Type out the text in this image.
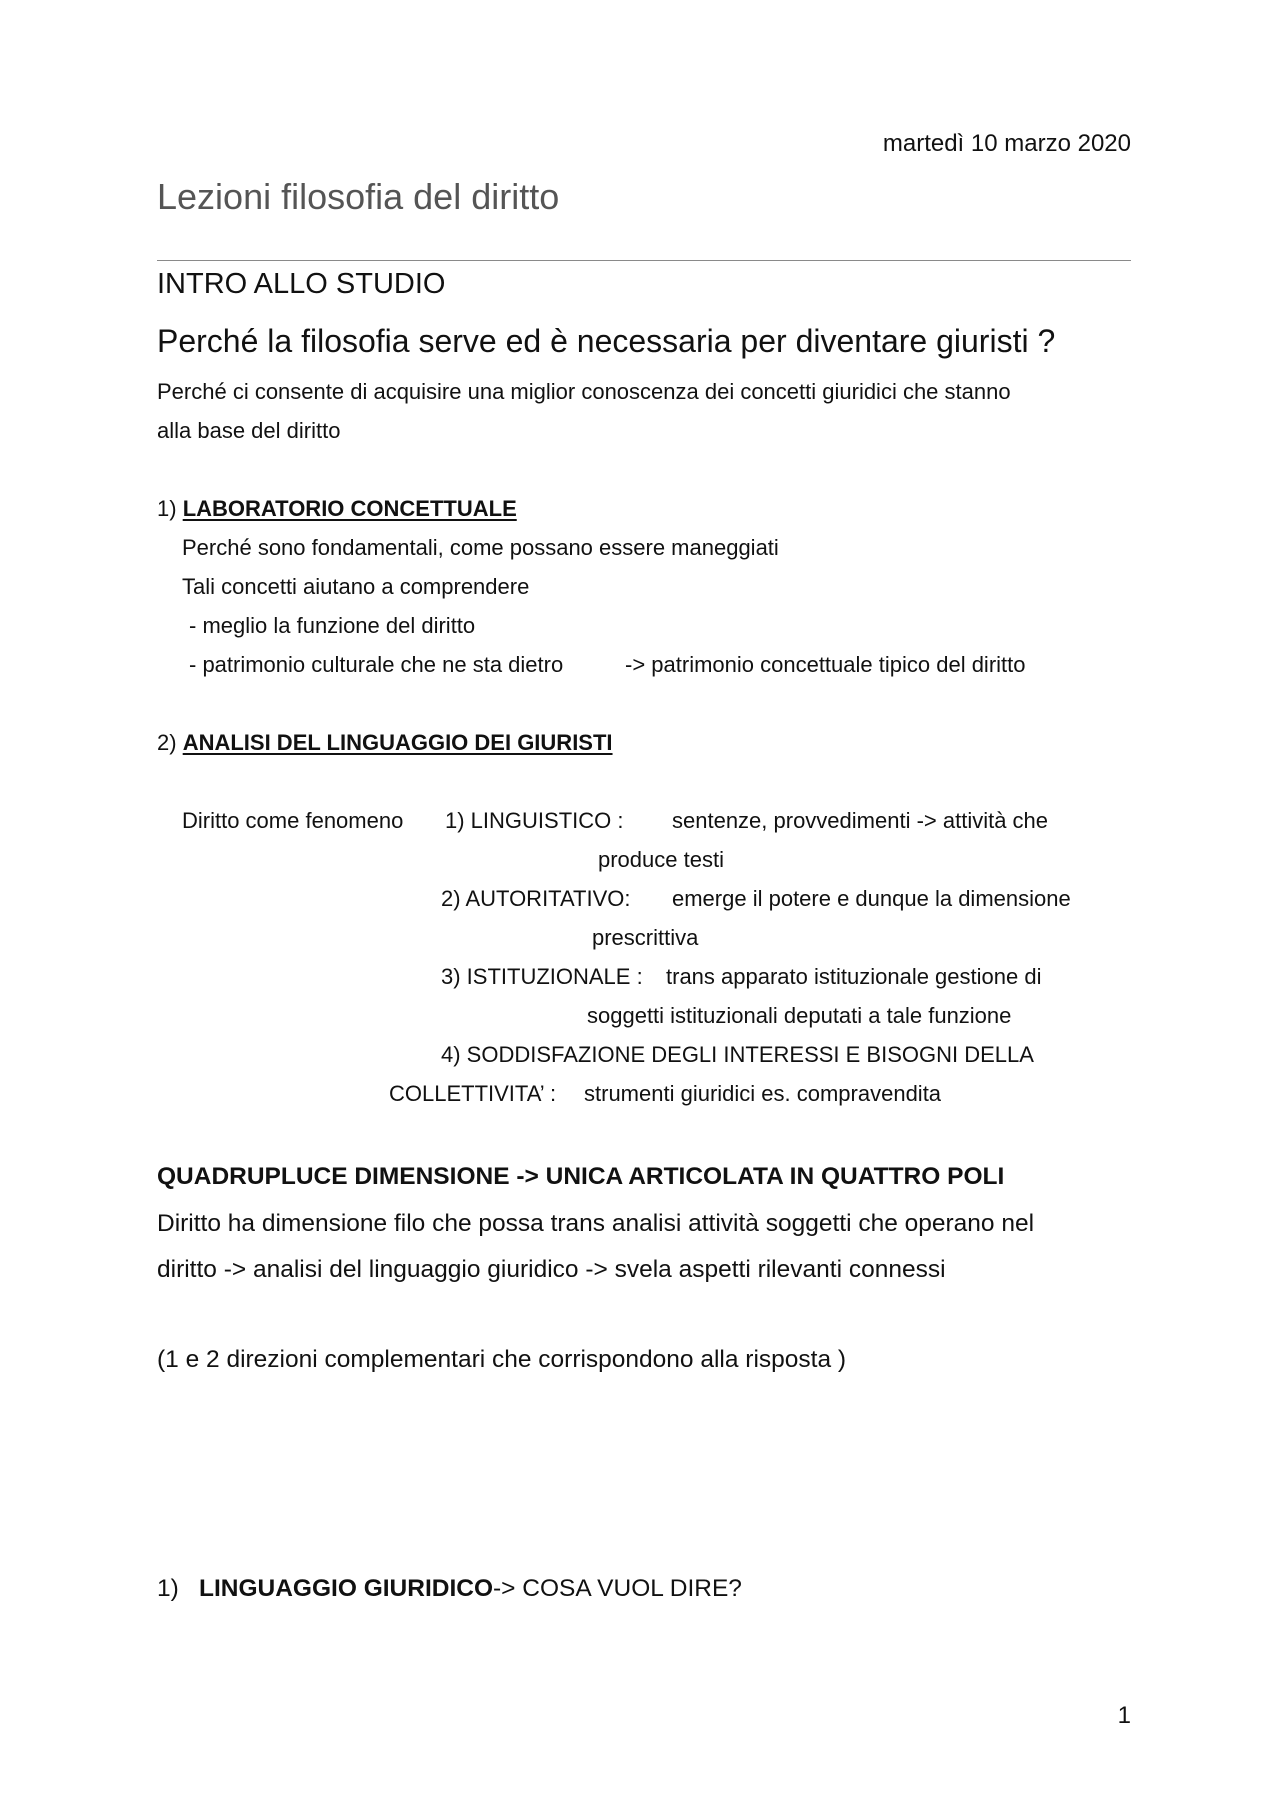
martedì 10 marzo 2020
Lezioni filosofia del diritto
INTRO ALLO STUDIO
Perché la filosofia serve ed è necessaria per diventare giuristi ?
Perché ci consente di acquisire una miglior conoscenza dei concetti giuridici che stanno
alla base del diritto
1) LABORATORIO CONCETTUALE
Perché sono fondamentali, come possano essere maneggiati
Tali concetti aiutano a comprendere
- meglio la funzione del diritto
- patrimonio culturale che ne sta dietro	-> patrimonio concettuale tipico del diritto
2) ANALISI DEL LINGUAGGIO DEI GIURISTI
Diritto come fenomeno 1) LINGUISTICO : sentenze, provvedimenti -> attività che
produce testi
2) AUTORITATIVO: emerge il potere e dunque la dimensione
prescrittiva
3) ISTITUZIONALE : trans apparato istituzionale gestione di
soggetti istituzionali deputati a tale funzione
4) SODDISFAZIONE DEGLI INTERESSI E BISOGNI DELLA
COLLETTIVITA’ : strumenti giuridici es. compravendita
QUADRUPLUCE DIMENSIONE -> UNICA ARTICOLATA IN QUATTRO POLI
Diritto ha dimensione filo che possa trans analisi attività soggetti che operano nel
diritto -> analisi del linguaggio giuridico -> svela aspetti rilevanti connessi
(1 e 2 direzioni complementari che corrispondono alla risposta )
1) LINGUAGGIO GIURIDICO-> COSA VUOL DIRE?
1
